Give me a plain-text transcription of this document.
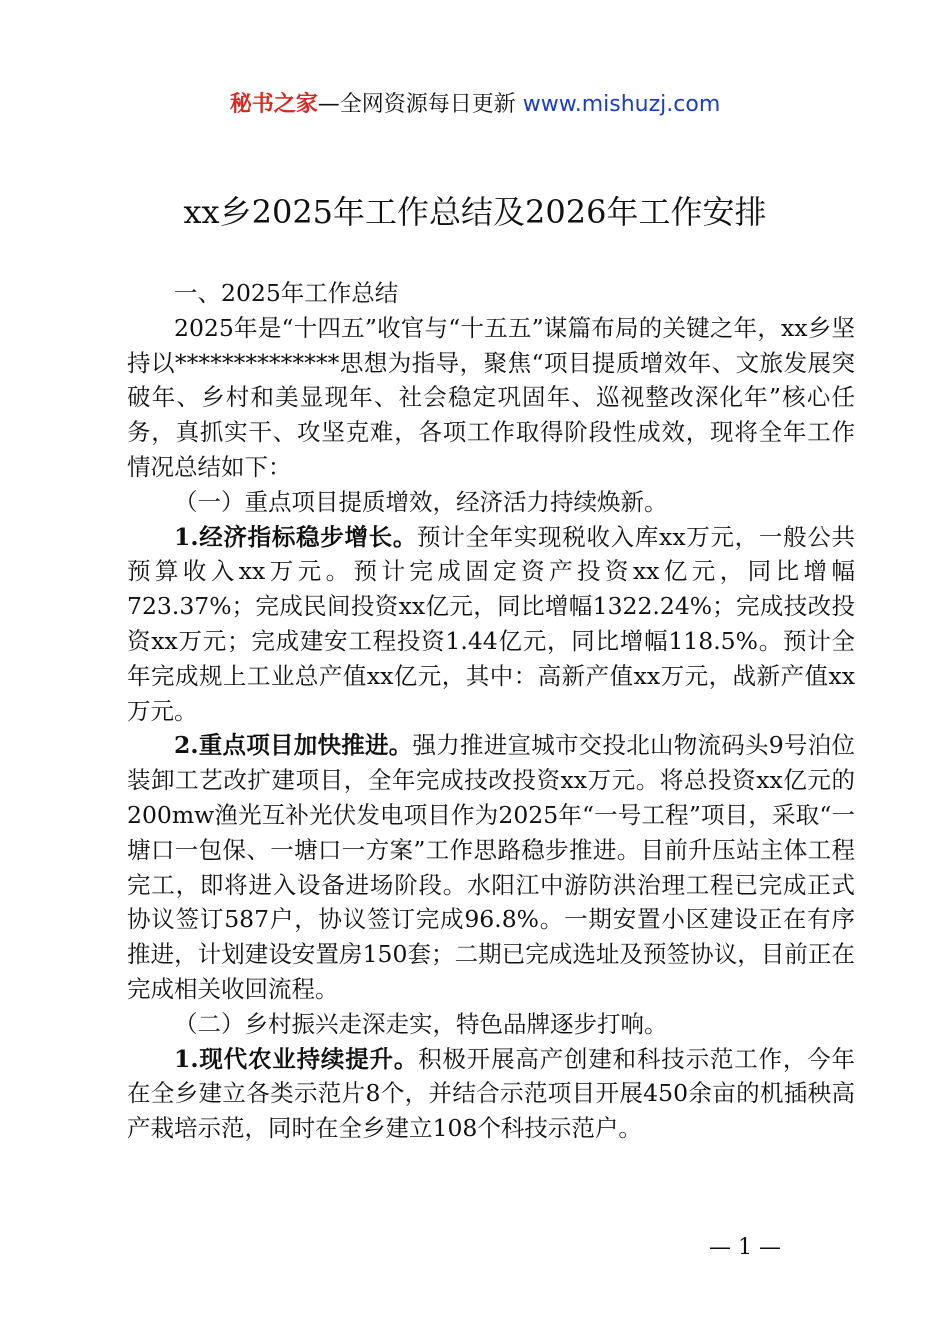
秘书之家—全网资源每日更新 www.mishuzj.com
xx乡2025年工作总结及2026年工作安排

一、2025年工作总结

2025年是“十四五”收官与“十五五”谋篇布局的关键之年，xx乡坚持以**************思想为指导，聚焦“项目提质增效年、文旅发展突破年、乡村和美显现年、社会稳定巩固年、巡视整改深化年”核心任务，真抓实干、攻坚克难，各项工作取得阶段性成效，现将全年工作情况总结如下：

（一）重点项目提质增效，经济活力持续焕新。

1.经济指标稳步增长。预计全年实现税收入库xx万元，一般公共预算收入xx万元。预计完成固定资产投资xx亿元，同比增幅723.37%；完成民间投资xx亿元，同比增幅1322.24%；完成技改投资xx万元；完成建安工程投资1.44亿元，同比增幅118.5%。预计全年完成规上工业总产值xx亿元，其中：高新产值xx万元，战新产值xx万元。

2.重点项目加快推进。强力推进宣城市交投北山物流码头9号泊位装卸工艺改扩建项目，全年完成技改投资xx万元。将总投资xx亿元的200mw渔光互补光伏发电项目作为2025年“一号工程”项目，采取“一塘口一包保、一塘口一方案”工作思路稳步推进。目前升压站主体工程完工，即将进入设备进场阶段。水阳江中游防洪治理工程已完成正式协议签订587户，协议签订完成96.8%。一期安置小区建设正在有序推进，计划建设安置房150套；二期已完成选址及预签协议，目前正在完成相关收回流程。

（二）乡村振兴走深走实，特色品牌逐步打响。

1.现代农业持续提升。积极开展高产创建和科技示范工作，今年在全乡建立各类示范片8个，并结合示范项目开展450余亩的机插秧高产栽培示范，同时在全乡建立108个科技示范户。

— 1 —
